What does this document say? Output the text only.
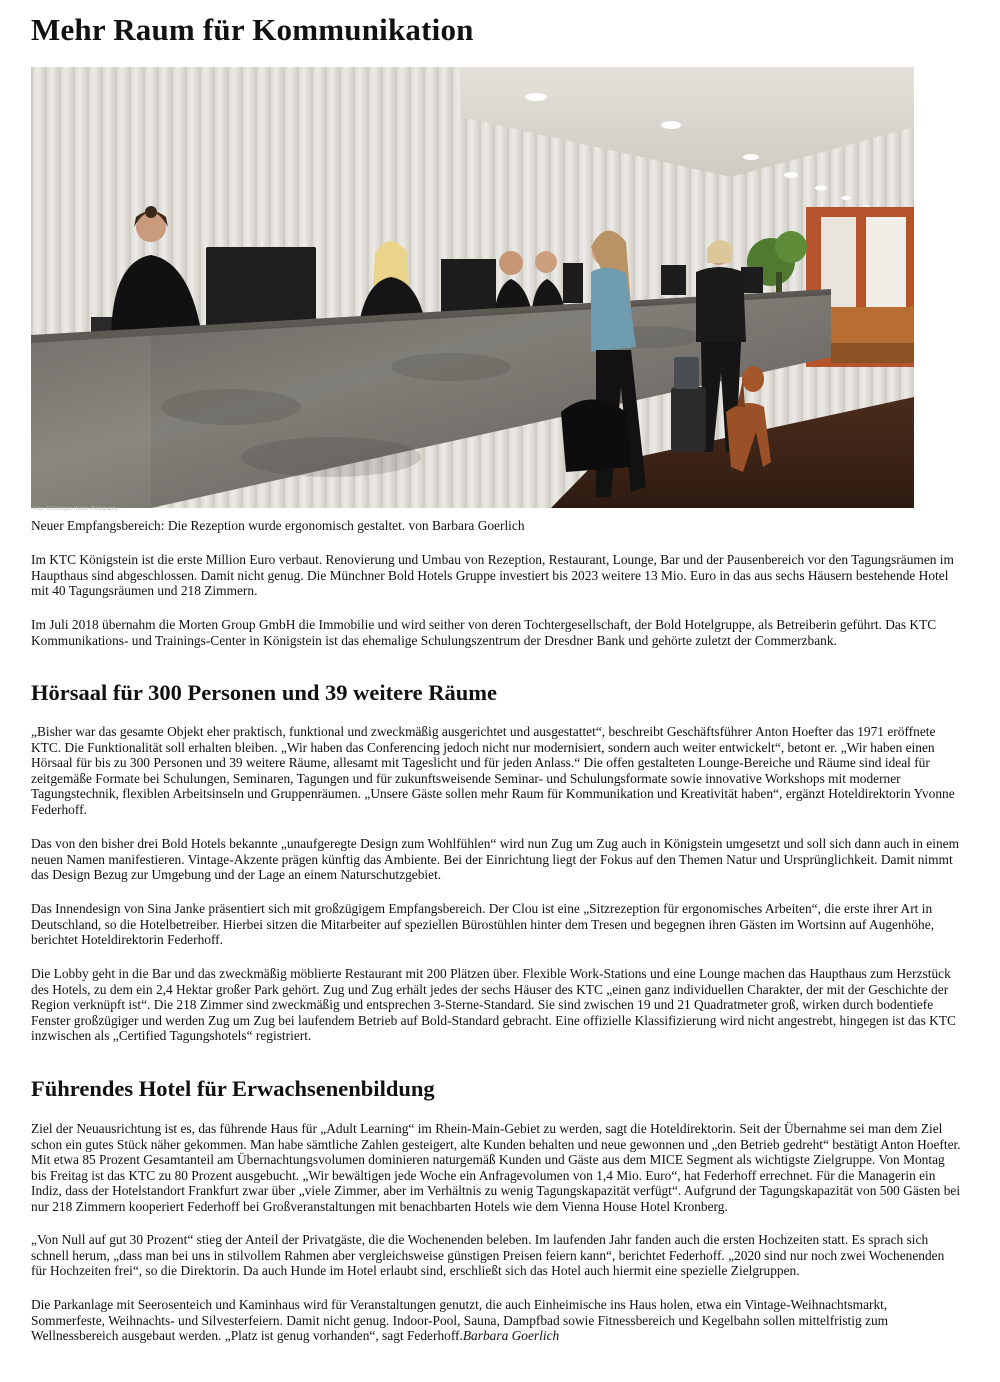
Mehr Raum für Kommunikation
Foto: KTC/Jürgen Holzer Photography
Neuer Empfangsbereich: Die Rezeption wurde ergonomisch gestaltet. von Barbara Goerlich

Im KTC Königstein ist die erste Million Euro verbaut. Renovierung und Umbau von Rezeption, Restaurant, Lounge, Bar und der Pausenbereich vor den Tagungsräumen im Haupthaus sind abgeschlossen. Damit nicht genug. Die Münchner Bold Hotels Gruppe investiert bis 2023 weitere 13 Mio. Euro in das aus sechs Häusern bestehende Hotel mit 40 Tagungsräumen und 218 Zimmern.

Im Juli 2018 übernahm die Morten Group GmbH die Immobilie und wird seither von deren Tochtergesellschaft, der Bold Hotelgruppe, als Betreiberin geführt. Das KTC Kommunikations- und Trainings-Center in Königstein ist das ehemalige Schulungszentrum der Dresdner Bank und gehörte zuletzt der Commerzbank.

Hörsaal für 300 Personen und 39 weitere Räume

„Bisher war das gesamte Objekt eher praktisch, funktional und zweckmäßig ausgerichtet und ausgestattet“, beschreibt Geschäftsführer Anton Hoefter das 1971 eröffnete KTC. Die Funktionalität soll erhalten bleiben. „Wir haben das Conferencing jedoch nicht nur modernisiert, sondern auch weiter entwickelt“, betont er. „Wir haben einen Hörsaal für bis zu 300 Personen und 39 weitere Räume, allesamt mit Tageslicht und für jeden Anlass.“ Die offen gestalteten Lounge-Bereiche und Räume sind ideal für zeitgemäße Formate bei Schulungen, Seminaren, Tagungen und für zukunftsweisende Seminar- und Schulungsformate sowie innovative Workshops mit moderner Tagungstechnik, flexiblen Arbeitsinseln und Gruppenräumen. „Unsere Gäste sollen mehr Raum für Kommunikation und Kreativität haben“, ergänzt Hoteldirektorin Yvonne Federhoff.

Das von den bisher drei Bold Hotels bekannte „unaufgeregte Design zum Wohlfühlen“ wird nun Zug um Zug auch in Königstein umgesetzt und soll sich dann auch in einem neuen Namen manifestieren. Vintage-Akzente prägen künftig das Ambiente. Bei der Einrichtung liegt der Fokus auf den Themen Natur und Ursprünglichkeit. Damit nimmt das Design Bezug zur Umgebung und der Lage an einem Naturschutzgebiet.

Das Innendesign von Sina Janke präsentiert sich mit großzügigem Empfangsbereich. Der Clou ist eine „Sitzrezeption für ergonomisches Arbeiten“, die erste ihrer Art in Deutschland, so die Hotelbetreiber. Hierbei sitzen die Mitarbeiter auf speziellen Bürostühlen hinter dem Tresen und begegnen ihren Gästen im Wortsinn auf Augenhöhe, berichtet Hoteldirektorin Federhoff.

Die Lobby geht in die Bar und das zweckmäßig möblierte Restaurant mit 200 Plätzen über. Flexible Work-Stations und eine Lounge machen das Haupthaus zum Herzstück des Hotels, zu dem ein 2,4 Hektar großer Park gehört. Zug und Zug erhält jedes der sechs Häuser des KTC „einen ganz individuellen Charakter, der mit der Geschichte der Region verknüpft ist“. Die 218 Zimmer sind zweckmäßig und entsprechen 3-Sterne-Standard. Sie sind zwischen 19 und 21 Quadratmeter groß, wirken durch bodentiefe Fenster großzügiger und werden Zug um Zug bei laufendem Betrieb auf Bold-Standard gebracht. Eine offizielle Klassifizierung wird nicht angestrebt, hingegen ist das KTC inzwischen als „Certified Tagungshotels“ registriert.

Führendes Hotel für Erwachsenenbildung

Ziel der Neuausrichtung ist es, das führende Haus für „Adult Learning“ im Rhein-Main-Gebiet zu werden, sagt die Hoteldirektorin. Seit der Übernahme sei man dem Ziel schon ein gutes Stück näher gekommen. Man habe sämtliche Zahlen gesteigert, alte Kunden behalten und neue gewonnen und „den Betrieb gedreht“ bestätigt Anton Hoefter. Mit etwa 85 Prozent Gesamtanteil am Übernachtungsvolumen dominieren naturgemäß Kunden und Gäste aus dem MICE Segment als wichtigste Zielgruppe. Von Montag bis Freitag ist das KTC zu 80 Prozent ausgebucht. „Wir bewältigen jede Woche ein Anfragevolumen von 1,4 Mio. Euro“, hat Federhoff errechnet. Für die Managerin ein Indiz, dass der Hotelstandort Frankfurt zwar über „viele Zimmer, aber im Verhältnis zu wenig Tagungskapazität verfügt“. Aufgrund der Tagungskapazität von 500 Gästen bei nur 218 Zimmern kooperiert Federhoff bei Großveranstaltungen mit benachbarten Hotels wie dem Vienna House Hotel Kronberg.

„Von Null auf gut 30 Prozent“ stieg der Anteil der Privatgäste, die die Wochenenden beleben. Im laufenden Jahr fanden auch die ersten Hochzeiten statt. Es sprach sich schnell herum, „dass man bei uns in stilvollem Rahmen aber vergleichsweise günstigen Preisen feiern kann“, berichtet Federhoff. „2020 sind nur noch zwei Wochenenden für Hochzeiten frei“, so die Direktorin. Da auch Hunde im Hotel erlaubt sind, erschließt sich das Hotel auch hiermit eine spezielle Zielgruppen.

Die Parkanlage mit Seerosenteich und Kaminhaus wird für Veranstaltungen genutzt, die auch Einheimische ins Haus holen, etwa ein Vintage-Weihnachtsmarkt, Sommerfeste, Weihnachts- und Silvesterfeiern. Damit nicht genug. Indoor-Pool, Sauna, Dampfbad sowie Fitnessbereich und Kegelbahn sollen mittelfristig zum Wellnessbereich ausgebaut werden. „Platz ist genug vorhanden“, sagt Federhoff.Barbara Goerlich
